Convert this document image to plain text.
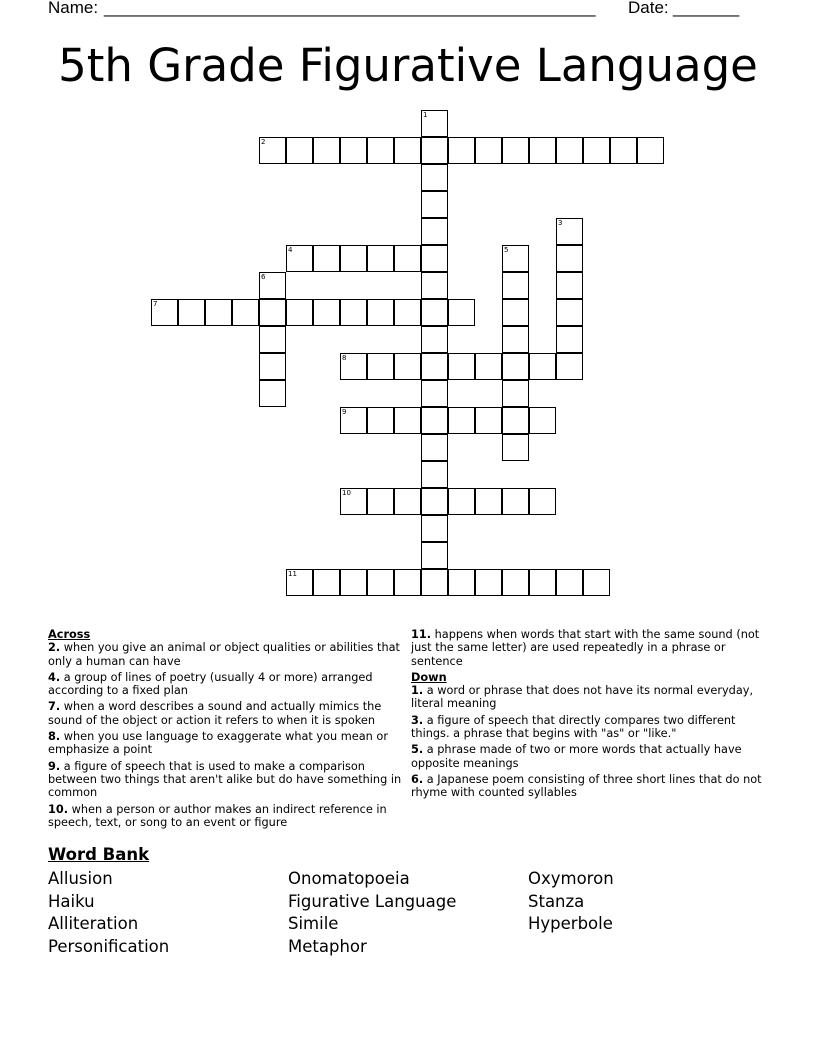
Name: ____________________________________________________ Date: _______
5th Grade Figurative Language
1
2
3
4	5
6
7
8
9
10
11
Across
2. when you give an animal or object qualities or abilities that only a human can have
4. a group of lines of poetry (usually 4 or more) arranged according to a fixed plan
7. when a word describes a sound and actually mimics the sound of the object or action it refers to when it is spoken
8. when you use language to exaggerate what you mean or emphasize a point
9. a figure of speech that is used to make a comparison between two things that aren't alike but do have something in common
10. when a person or author makes an indirect reference in speech, text, or song to an event or figure
11. happens when words that start with the same sound (not just the same letter) are used repeatedly in a phrase or sentence
Down
1. a word or phrase that does not have its normal everyday, literal meaning
3. a figure of speech that directly compares two different things. a phrase that begins with "as" or "like."
5. a phrase made of two or more words that actually have opposite meanings
6. a Japanese poem consisting of three short lines that do not rhyme with counted syllables
Word Bank
Allusion
Haiku
Alliteration
Personification
Onomatopoeia
Figurative Language
Simile
Metaphor
Oxymoron
Stanza
Hyperbole
